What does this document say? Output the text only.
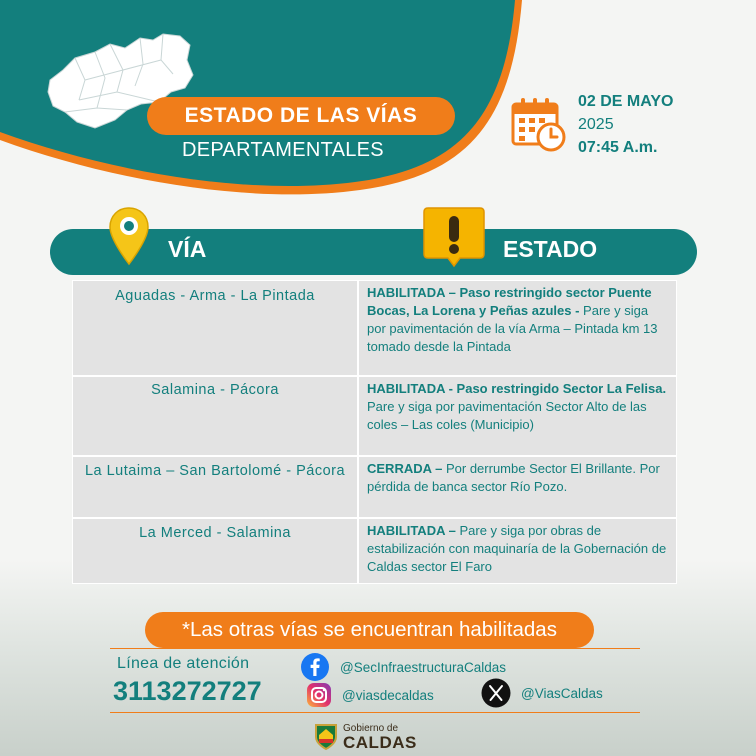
ESTADO DE LAS VÍAS
DEPARTAMENTALES
02 DE MAYO
2025
07:45 A.m.
VÍA	ESTADO
Aguadas - Arma - La Pintada	HABILITADA – Paso restringido sector Puente Bocas, La Lorena y Peñas azules - Pare y siga por pavimentación de la vía Arma – Pintada km 13 tomado desde la Pintada
Salamina - Pácora	HABILITADA - Paso restringido Sector La Felisa. Pare y siga por pavimentación Sector Alto de las coles – Las coles (Municipio)
La Lutaima – San Bartolomé - Pácora	CERRADA – Por derrumbe Sector El Brillante. Por pérdida de banca sector Río Pozo.
La Merced - Salamina	HABILITADA – Pare y siga por obras de estabilización con maquinaría de la Gobernación de Caldas sector El Faro
*Las otras vías se encuentran habilitadas
Línea de atención
3113272727
@SecInfraestructuraCaldas
@viasdecaldas	@ViasCaldas
Gobierno de
CALDAS
